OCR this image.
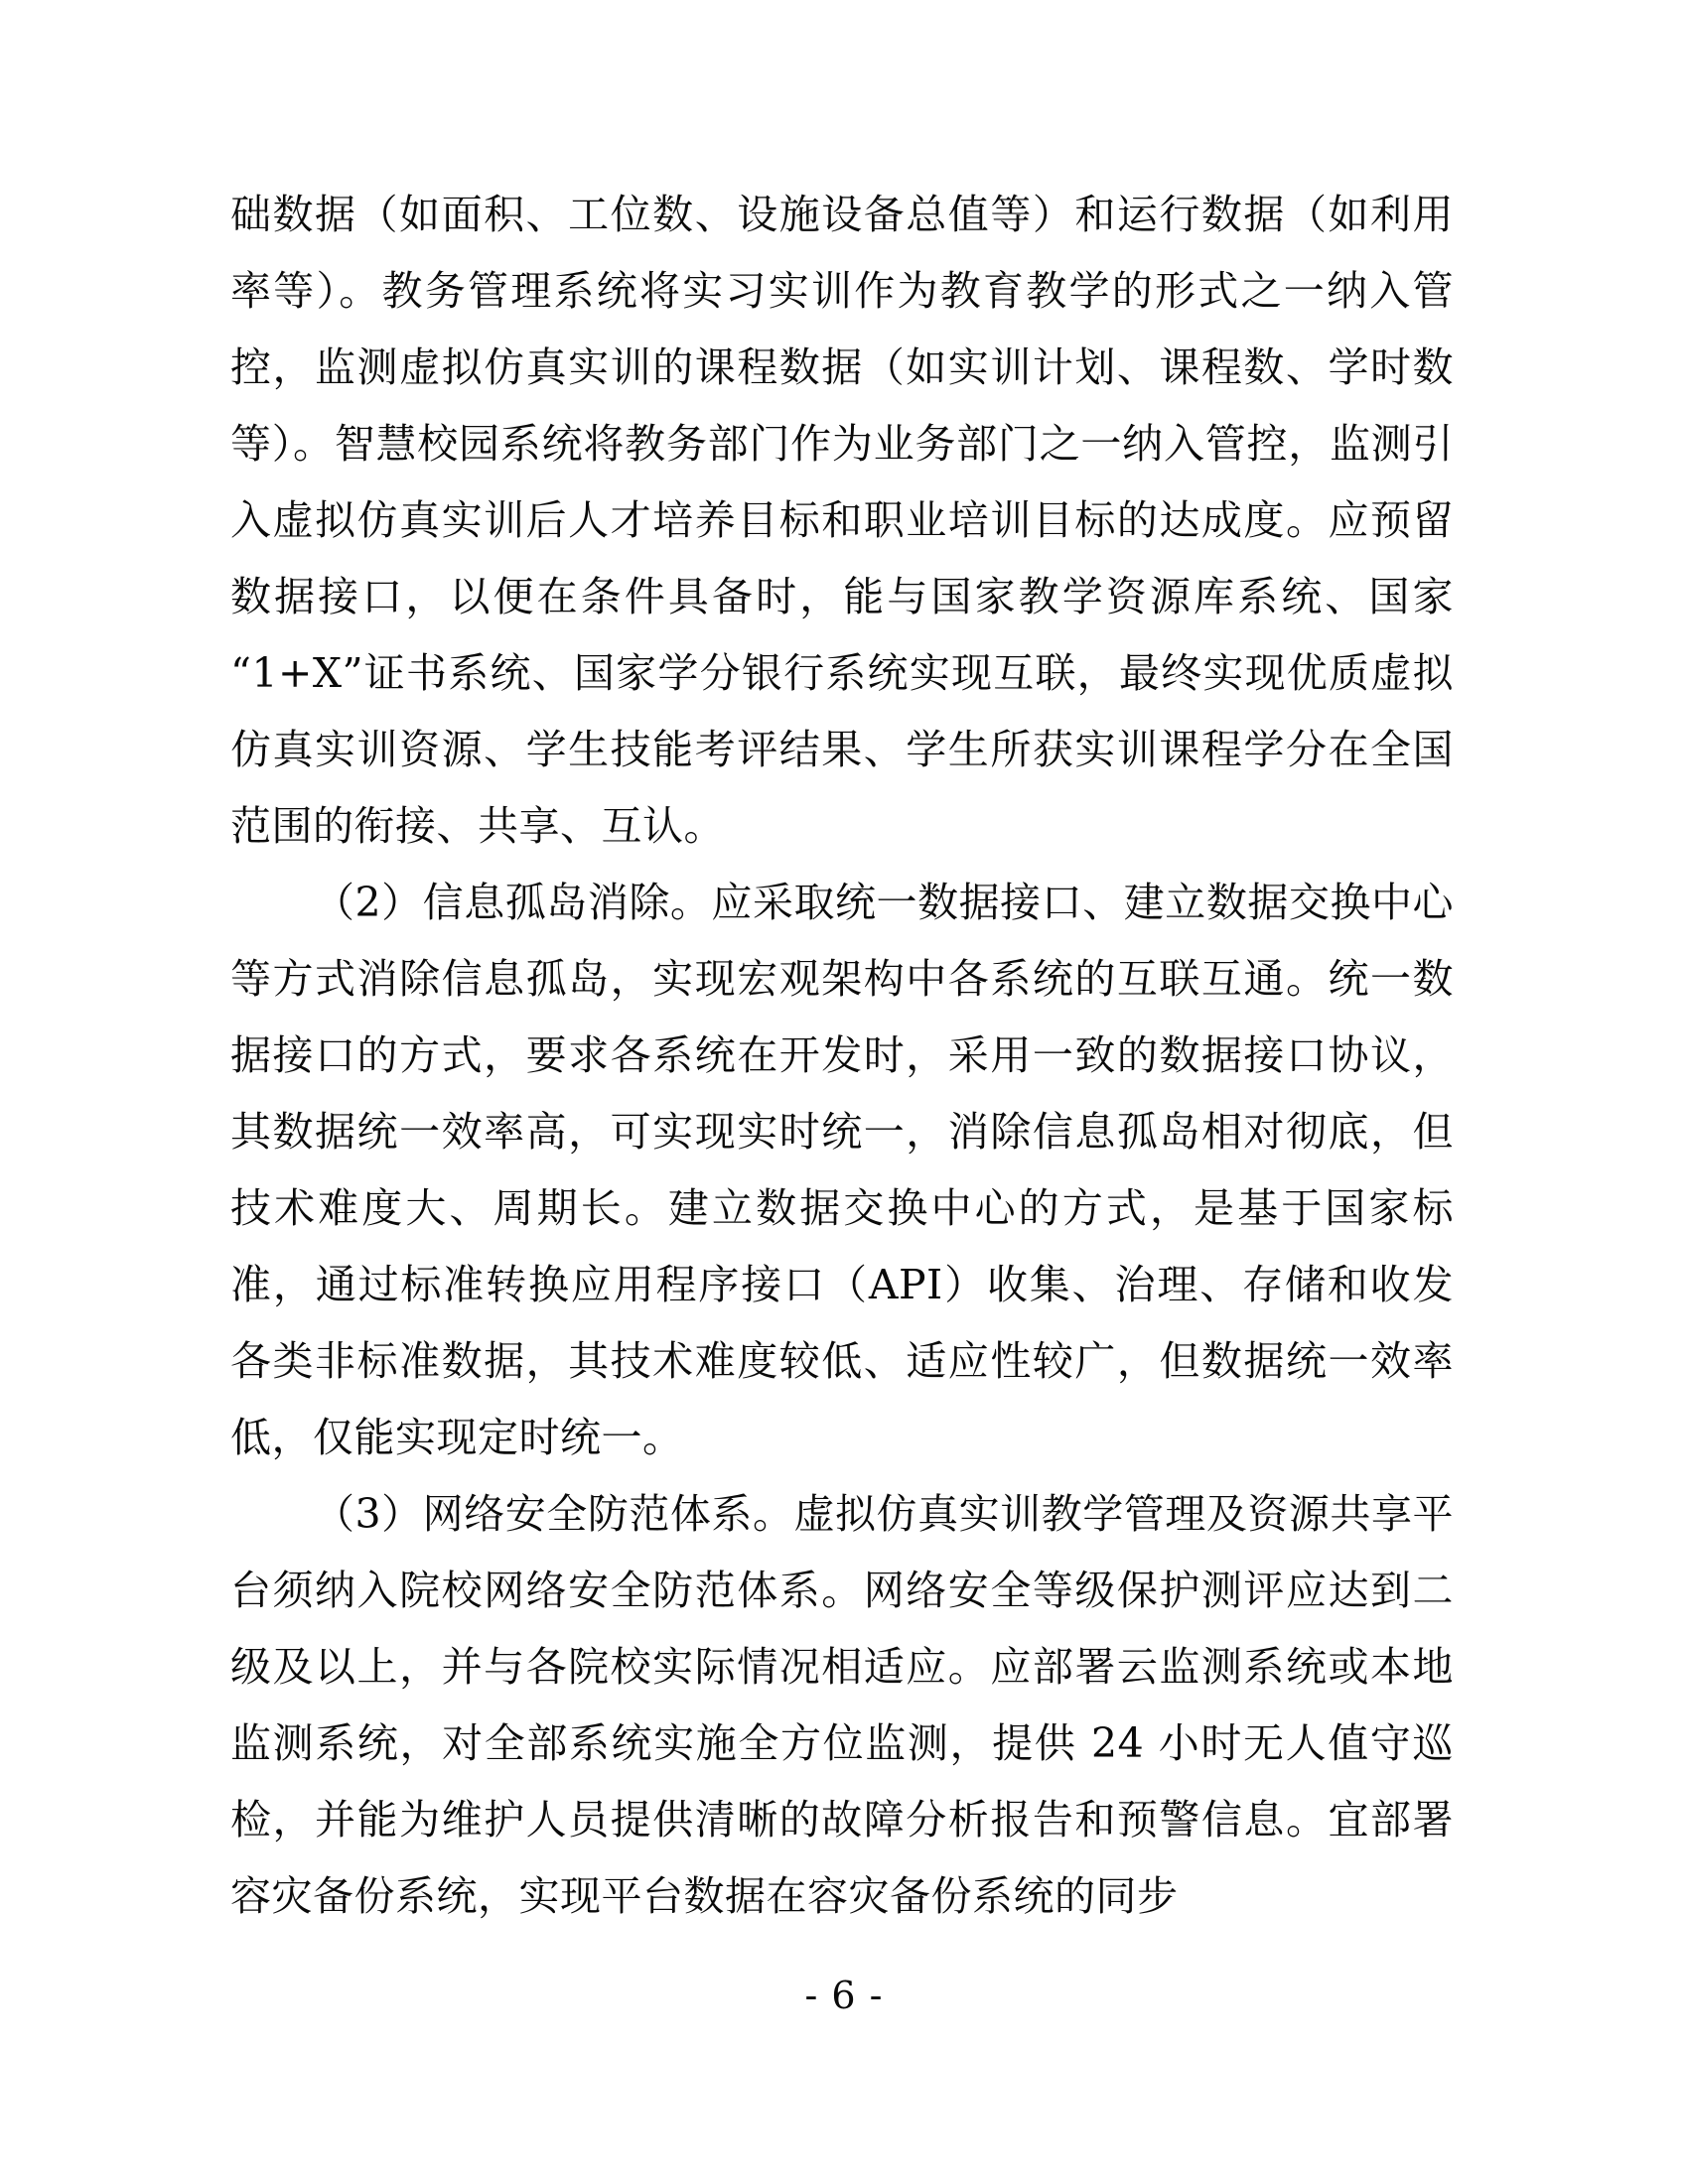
础数据（如面积、工位数、设施设备总值等）和运行数据（如利用率等）。教务管理系统将实习实训作为教育教学的形式之一纳入管控，监测虚拟仿真实训的课程数据（如实训计划、课程数、学时数等）。智慧校园系统将教务部门作为业务部门之一纳入管控，监测引入虚拟仿真实训后人才培养目标和职业培训目标的达成度。应预留数据接口，以便在条件具备时，能与国家教学资源库系统、国家“1+X”证书系统、国家学分银行系统实现互联，最终实现优质虚拟仿真实训资源、学生技能考评结果、学生所获实训课程学分在全国范围的衔接、共享、互认。

（2）信息孤岛消除。应采取统一数据接口、建立数据交换中心等方式消除信息孤岛，实现宏观架构中各系统的互联互通。统一数据接口的方式，要求各系统在开发时，采用一致的数据接口协议，其数据统一效率高，可实现实时统一，消除信息孤岛相对彻底，但技术难度大、周期长。建立数据交换中心的方式，是基于国家标准，通过标准转换应用程序接口（API）收集、治理、存储和收发各类非标准数据，其技术难度较低、适应性较广，但数据统一效率低，仅能实现定时统一。

（3）网络安全防范体系。虚拟仿真实训教学管理及资源共享平台须纳入院校网络安全防范体系。网络安全等级保护测评应达到二级及以上，并与各院校实际情况相适应。应部署云监测系统或本地监测系统，对全部系统实施全方位监测，提供 24 小时无人值守巡检，并能为维护人员提供清晰的故障分析报告和预警信息。宜部署容灾备份系统，实现平台数据在容灾备份系统的同步

- 6 -
